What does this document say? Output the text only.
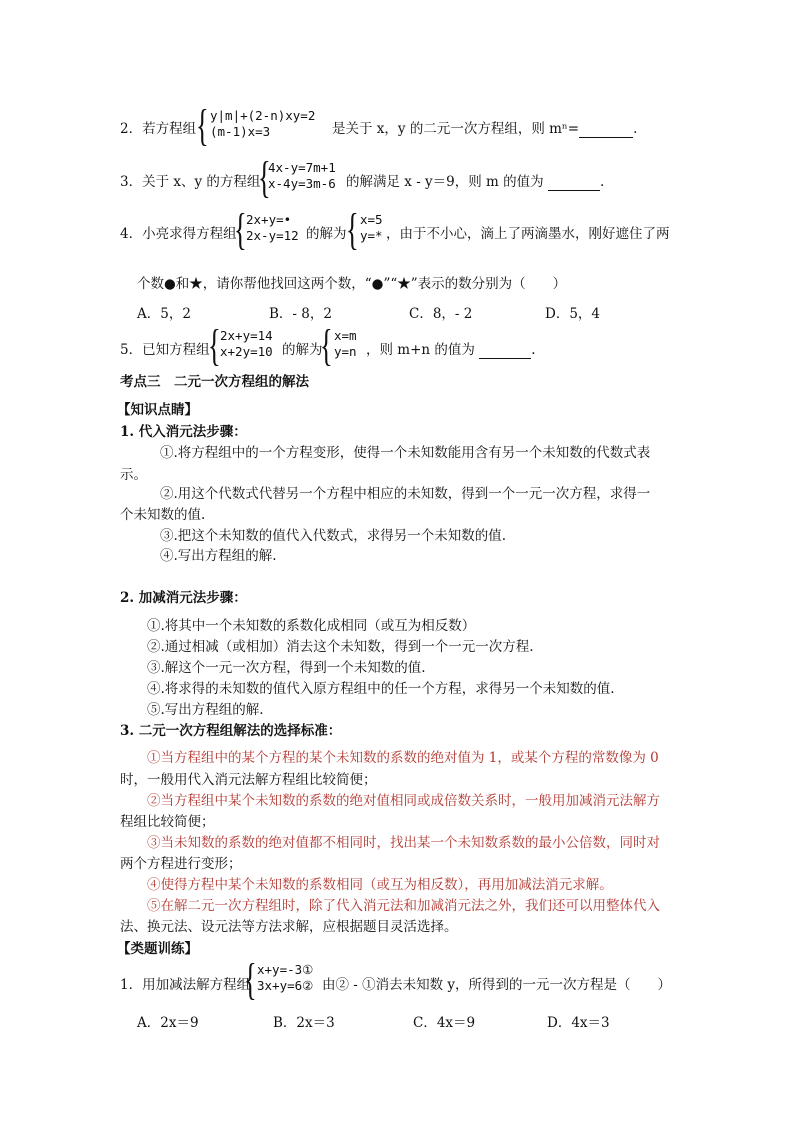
2．若方程组 { y|m|+(2-n)xy=2
(m-1)x=3	是关于 x，y 的二元一次方程组，则 mⁿ=	.
3．关于 x、y 的方程组
{
4x-y=7m+1
x-4y=3m-6 的解满足 x - y＝9，则 m 的值为	.
4．小亮求得方程组
{ 2x+y=•
2x-y=12 的解为 { x=5
y=* ，由于不小心，滴上了两滴墨水，刚好遮住了两
个数●和★，请你帮他找回这两个数，“●”“★”表示的数分别为（　　）
A．5，2	B．- 8，2	C．8，- 2	D．5，4
5．已知方程组
{ 2x+y=14
x+2y=10 的解为
{ x=m
y=n ，则 m+n 的值为	.
考点三　二元一次方程组的解法
【知识点睛】
1. 代入消元法步骤：
①.将方程组中的一个方程变形，使得一个未知数能用含有另一个未知数的代数式表
示。
②.用这个代数式代替另一个方程中相应的未知数，得到一个一元一次方程，求得一
个未知数的值.
③.把这个未知数的值代入代数式，求得另一个未知数的值.
④.写出方程组的解.
2. 加减消元法步骤：
①.将其中一个未知数的系数化成相同（或互为相反数）
②.通过相减（或相加）消去这个未知数，得到一个一元一次方程.
③.解这个一元一次方程，得到一个未知数的值.
④.将求得的未知数的值代入原方程组中的任一个方程，求得另一个未知数的值.
⑤.写出方程组的解.
3. 二元一次方程组解法的选择标准：
①当方程组中的某个方程的某个未知数的系数的绝对值为 1，或某个方程的常数像为 0
时，一般用代入消元法解方程组比较简便；
②当方程组中某个未知数的系数的绝对值相同或成倍数关系时，一般用加减消元法解方
程组比较简便；
③当未知数的系数的绝对值都不相同时，找出某一个未知数系数的最小公倍数，同时对
两个方程进行变形；
④使得方程中某个未知数的系数相同（或互为相反数），再用加减法消元求解。
⑤在解二元一次方程组时，除了代入消元法和加减消元法之外，我们还可以用整体代入
法、换元法、设元法等方法求解，应根据题目灵活选择。
【类题训练】
1．用加减法解方程组
{ x+y=-3①
3x+y=6② 由② - ①消去未知数 y，所得到的一元一次方程是（　　）
A．2x＝9	B．2x＝3	C．4x＝9	D．4x＝3
